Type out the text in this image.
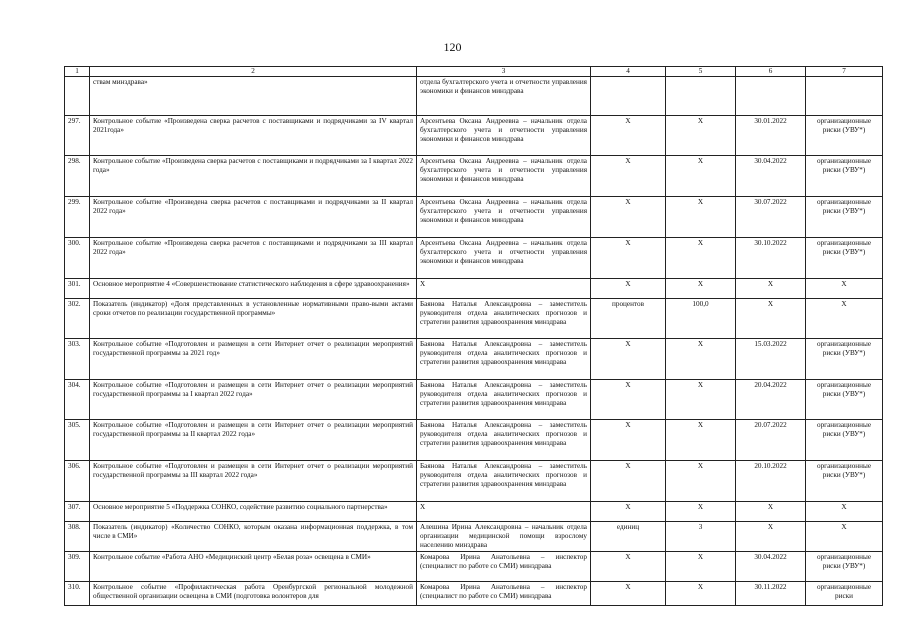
120
1	2	3	4	5	6	7
	ствам минздрава»	отдела бухгалтерского учета и отчетности управления экономики и финансов минздрава				
297.	Контрольное событие «Произведена сверка расчетов с поставщиками и подрядчиками за IV квартал 2021года»	Арсентьева Оксана Андреевна – начальник отдела бухгалтерского учета и отчетности управления экономики и финансов минздрава	X	X	30.01.2022	организационные риски (УВУ*)
298.	Контрольное событие «Произведена сверка расчетов с поставщиками и подрядчиками за I квартал 2022 года»	Арсентьева Оксана Андреевна – начальник отдела бухгалтерского учета и отчетности управления экономики и финансов минздрава	X	X	30.04.2022	организационные риски (УВУ*)
299.	Контрольное событие «Произведена сверка расчетов с поставщиками и подрядчиками за II квартал 2022 года»	Арсентьева Оксана Андреевна – начальник отдела бухгалтерского учета и отчетности управления экономики и финансов минздрава	X	X	30.07.2022	организационные риски (УВУ*)
300.	Контрольное событие «Произведена сверка расчетов с поставщиками и подрядчиками за III квартал 2022 года»	Арсентьева Оксана Андреевна – начальник отдела бухгалтерского учета и отчетности управления экономики и финансов минздрава	X	X	30.10.2022	организационные риски (УВУ*)
301.	Основное мероприятие 4 «Совершенствование статистического наблюдения в сфере здравоохранения»	X	X	X	X	X
302.	Показатель (индикатор) «Доля представленных в установленные нормативными право-выми актами сроки отчетов по реализации государственной программы»	Баянова Наталья Александровна – заместитель руководителя отдела аналитических прогнозов и стратегии развития здравоохранения минздрава	процентов	100,0	X	X
303.	Контрольное событие «Подготовлен и размещен в сети Интернет отчет о реализации мероприятий государственной программы за 2021 год»	Баянова Наталья Александровна – заместитель руководителя отдела аналитических прогнозов и стратегии развития здравоохранения минздрава	X	X	15.03.2022	организационные риски (УВУ*)
304.	Контрольное событие «Подготовлен и размещен в сети Интернет отчет о реализации мероприятий государственной программы за I квартал 2022 года»	Баянова Наталья Александровна – заместитель руководителя отдела аналитических прогнозов и стратегии развития здравоохранения минздрава	X	X	20.04.2022	организационные риски (УВУ*)
305.	Контрольное событие «Подготовлен и размещен в сети Интернет отчет о реализации мероприятий государственной программы за II квартал 2022 года»	Баянова Наталья Александровна – заместитель руководителя отдела аналитических прогнозов и стратегии развития здравоохранения минздрава	X	X	20.07.2022	организационные риски (УВУ*)
306.	Контрольное событие «Подготовлен и размещен в сети Интернет отчет о реализации мероприятий государственной программы за III квартал 2022 года»	Баянова Наталья Александровна – заместитель руководителя отдела аналитических прогнозов и стратегии развития здравоохранения минздрава	X	X	20.10.2022	организационные риски (УВУ*)
307.	Основное мероприятие 5 «Поддержка СОНКО, содействие развитию социального партнерства»	X	X	X	X	X
308.	Показатель (индикатор) «Количество СОНКО, которым оказана информационная поддержка, в том числе в СМИ»	Алешина Ирина Александровна – начальник отдела организации медицинской помощи взрослому населению минздрава	единиц	3	X	X
309.	Контрольное событие «Работа АНО «Медицинский центр «Белая роза» освещена в СМИ»	Комарова Ирина Анатольевна – инспектор (специалист по работе со СМИ) минздрава	X	X	30.04.2022	организационные риски (УВУ*)
310.	Контрольное событие «Профилактическая работа Оренбургской региональной молодежной общественной организации освещена в СМИ (подготовка волонтеров для	Комарова Ирина Анатольевна – инспектор (специалист по работе со СМИ) минздрава	X	X	30.11.2022	организационные риски
